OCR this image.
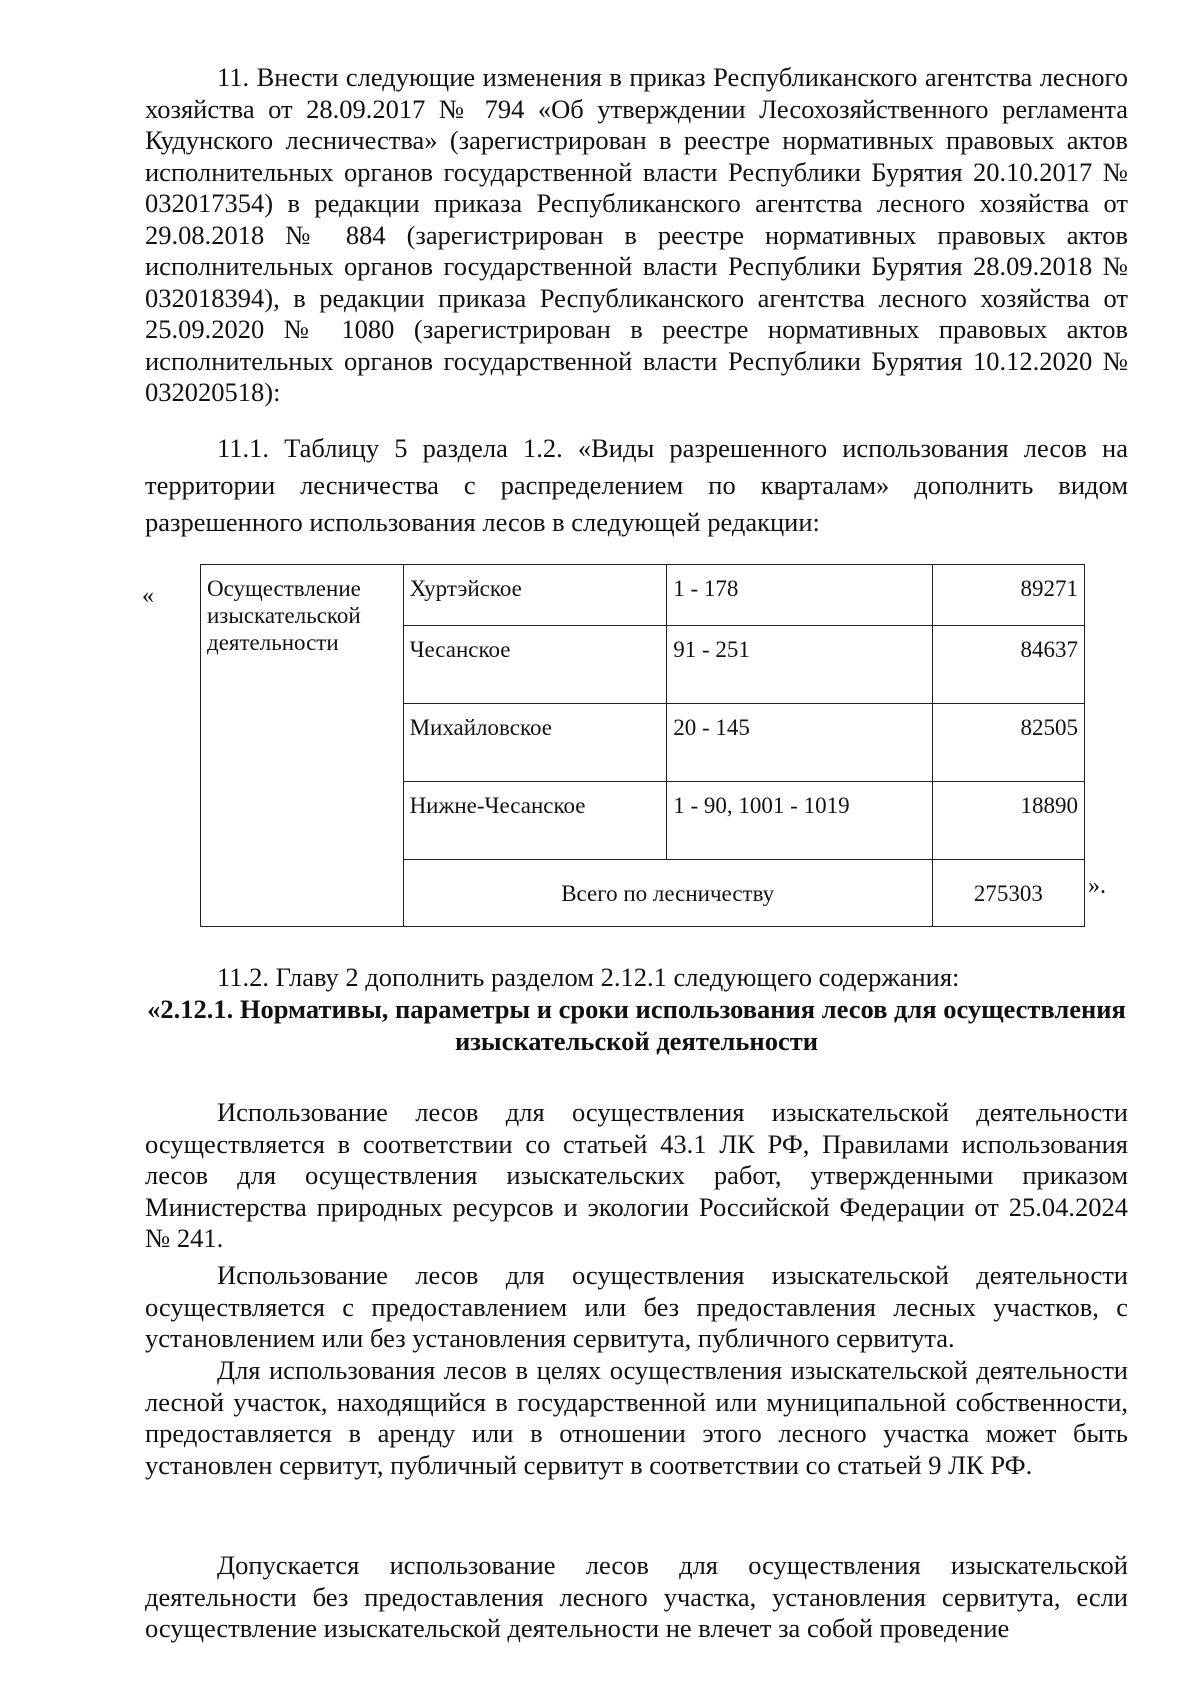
11. Внести следующие изменения в приказ Республиканского агентства лесного хозяйства от 28.09.2017 № 794 «Об утверждении Лесохозяйственного регламента Кудунского лесничества» (зарегистрирован в реестре нормативных правовых актов исполнительных органов государственной власти Республики Бурятия 20.10.2017 № 032017354) в редакции приказа Республиканского агентства лесного хозяйства от 29.08.2018 № 884 (зарегистрирован в реестре нормативных правовых актов исполнительных органов государственной власти Республики Бурятия 28.09.2018 № 032018394), в редакции приказа Республиканского агентства лесного хозяйства от 25.09.2020 № 1080 (зарегистрирован в реестре нормативных правовых актов исполнительных органов государственной власти Республики Бурятия 10.12.2020 № 032020518):

11.1. Таблицу 5 раздела 1.2. «Виды разрешенного использования лесов на территории лесничества с распределением по кварталам» дополнить видом разрешенного использования лесов в следующей редакции:

« Осуществление изыскательской деятельности	Хуртэйское	1 - 178	89271
	Чесанское	91 - 251	84637
	Михайловское	20 - 145	82505
	Нижне-Чесанское	1 - 90, 1001 - 1019	18890
	Всего по лесничеству		275303 ».

11.2. Главу 2 дополнить разделом 2.12.1 следующего содержания:

«2.12.1. Нормативы, параметры и сроки использования лесов для осуществления изыскательской деятельности

Использование лесов для осуществления изыскательской деятельности осуществляется в соответствии со статьей 43.1 ЛК РФ, Правилами использования лесов для осуществления изыскательских работ, утвержденными приказом Министерства природных ресурсов и экологии Российской Федерации от 25.04.2024 № 241.

Использование лесов для осуществления изыскательской деятельности осуществляется с предоставлением или без предоставления лесных участков, с установлением или без установления сервитута, публичного сервитута.

Для использования лесов в целях осуществления изыскательской деятельности лесной участок, находящийся в государственной или муниципальной собственности, предоставляется в аренду или в отношении этого лесного участка может быть установлен сервитут, публичный сервитут в соответствии со статьей 9 ЛК РФ.

Допускается использование лесов для осуществления изыскательской деятельности без предоставления лесного участка, установления сервитута, если осуществление изыскательской деятельности не влечет за собой проведение
